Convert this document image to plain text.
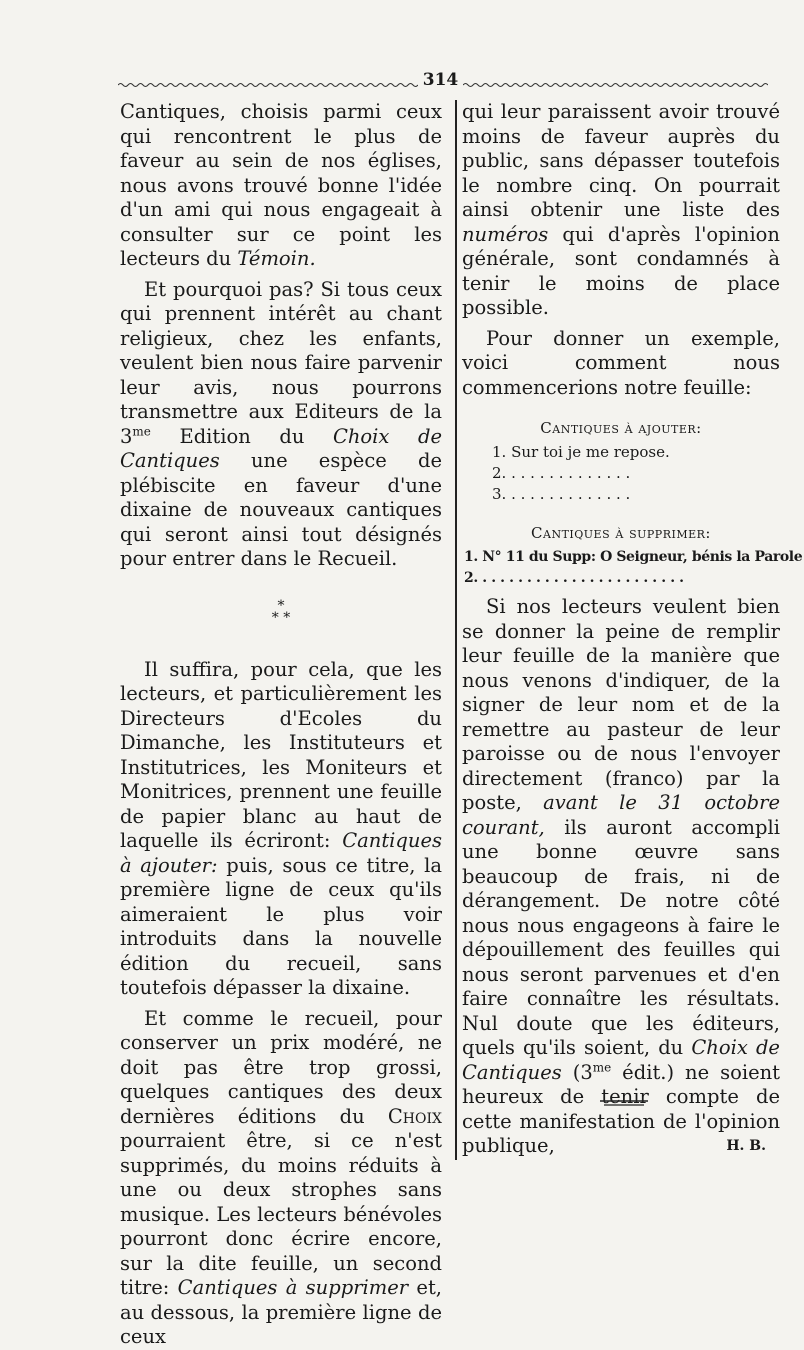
314

Cantiques, choisis parmi ceux qui rencontrent le plus de faveur au sein de nos églises, nous avons trouvé bonne l'idée d'un ami qui nous engageait à consulter sur ce point les lecteurs du Témoin.

Et pourquoi pas? Si tous ceux qui prennent intérêt au chant religieux, chez les enfants, veulent bien nous faire parvenir leur avis, nous pourrons transmettre aux Editeurs de la $3^{me}$ Edition du Choix de Cantiques une espèce de plébiscite en faveur d'une dixaine de nouveaux cantiques qui seront ainsi tout désignés pour entrer dans le Recueil.

*
* *

Il suffira, pour cela, que les lecteurs, et particulièrement les Directeurs d'Ecoles du Dimanche, les Instituteurs et Institutrices, les Moniteurs et Monitrices, prennent une feuille de papier blanc au haut de laquelle ils écriront: Cantiques à ajouter: puis, sous ce titre, la première ligne de ceux qu'ils aimeraient le plus voir introduits dans la nouvelle édition du recueil, sans toutefois dépasser la dixaine.

Et comme le recueil, pour conserver un prix modéré, ne doit pas être trop grossi, quelques cantiques des deux dernières éditions du Choix pourraient être, si ce n'est supprimés, du moins réduits à une ou deux strophes sans musique. Les lecteurs bénévoles pourront donc écrire encore, sur la dite feuille, un second titre: Cantiques à supprimer et, au dessous, la première ligne de ceux

qui leur paraissent avoir trouvé moins de faveur auprès du public, sans dépasser toutefois le nombre cinq. On pourrait ainsi obtenir une liste des numéros qui d'après l'opinion générale, sont condamnés à tenir le moins de place possible.

Pour donner un exemple, voici comment nous commencerions notre feuille:

Cantiques à ajouter:
1. Sur toi je me repose.
2. . . . . . . . . . . . . .
3. . . . . . . . . . . . . .
Cantiques à supprimer:
1. N° 11 du Supp: O Seigneur, bénis la Parole
2. . . . . . . . . . . . . . . . . . . . . . . .

Si nos lecteurs veulent bien se donner la peine de remplir leur feuille de la manière que nous venons d'indiquer, de la signer de leur nom et de la remettre au pasteur de leur paroisse ou de nous l'envoyer directement (franco) par la poste, avant le 31 octobre courant, ils auront accompli une bonne œuvre sans beaucoup de frais, ni de dérangement. De notre côté nous nous engageons à faire le dépouillement des feuilles qui nous seront parvenues et d'en faire connaître les résultats. Nul doute que les éditeurs, quels qu'ils soient, du Choix de Cantiques ($3^{me}$ édit.) ne soient heureux de tenir compte de cette manifestation de l'opinion publique,	H. B.
